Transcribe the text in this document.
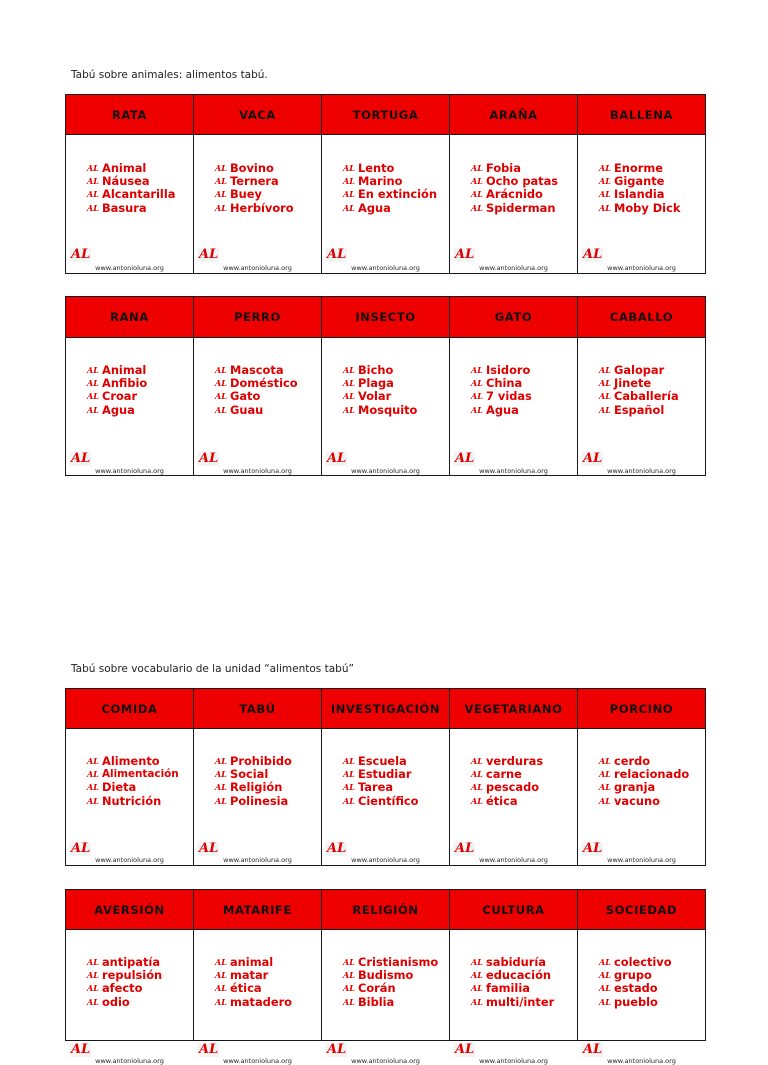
Tabú sobre animales: alimentos tabú.
Tabú sobre vocabulario de la unidad “alimentos tabú”
RATA
AL Animal
AL Náusea
AL Alcantarilla
AL Basura
AL
www.antonioluna.org
VACA
AL Bovino
AL Ternera
AL Buey
AL Herbívoro
AL
www.antonioluna.org
TORTUGA
AL Lento
AL Marino
AL En extinción
AL Agua
AL
www.antonioluna.org
ARAÑA
AL Fobia
AL Ocho patas
AL Arácnido
AL Spiderman
AL
www.antonioluna.org
BALLENA
AL Enorme
AL Gigante
AL Islandia
AL Moby Dick
AL
www.antonioluna.org
RANA
AL Animal
AL Anfibio
AL Croar
AL Agua
AL
www.antonioluna.org
PERRO
AL Mascota
AL Doméstico
AL Gato
AL Guau
AL
www.antonioluna.org
INSECTO
AL Bicho
AL Plaga
AL Volar
AL Mosquito
AL
www.antonioluna.org
GATO
AL Isidoro
AL China
AL 7 vidas
AL Agua
AL
www.antonioluna.org
CABALLO
AL Galopar
AL Jinete
AL Caballería
AL Español
AL
www.antonioluna.org
COMIDA
AL Alimento
AL Alimentación
AL Dieta
AL Nutrición
AL
www.antonioluna.org
TABÚ
AL Prohibido
AL Social
AL Religión
AL Polinesia
AL
www.antonioluna.org
INVESTIGACIÓN
AL Escuela
AL Estudiar
AL Tarea
AL Científico
AL
www.antonioluna.org
VEGETARIANO
AL verduras
AL carne
AL pescado
AL ética
AL
www.antonioluna.org
PORCINO
AL cerdo
AL relacionado
AL granja
AL vacuno
AL
www.antonioluna.org
AVERSIÓN
AL antipatía
AL repulsión
AL afecto
AL odio
AL
www.antonioluna.org
MATARIFE
AL animal
AL matar
AL ética
AL matadero
AL
www.antonioluna.org
RELIGIÓN
AL Cristianismo
AL Budismo
AL Corán
AL Biblia
AL
www.antonioluna.org
CULTURA
AL sabiduría
AL educación
AL familia
AL multi/inter
AL
www.antonioluna.org
SOCIEDAD
AL colectivo
AL grupo
AL estado
AL pueblo
AL
www.antonioluna.org
